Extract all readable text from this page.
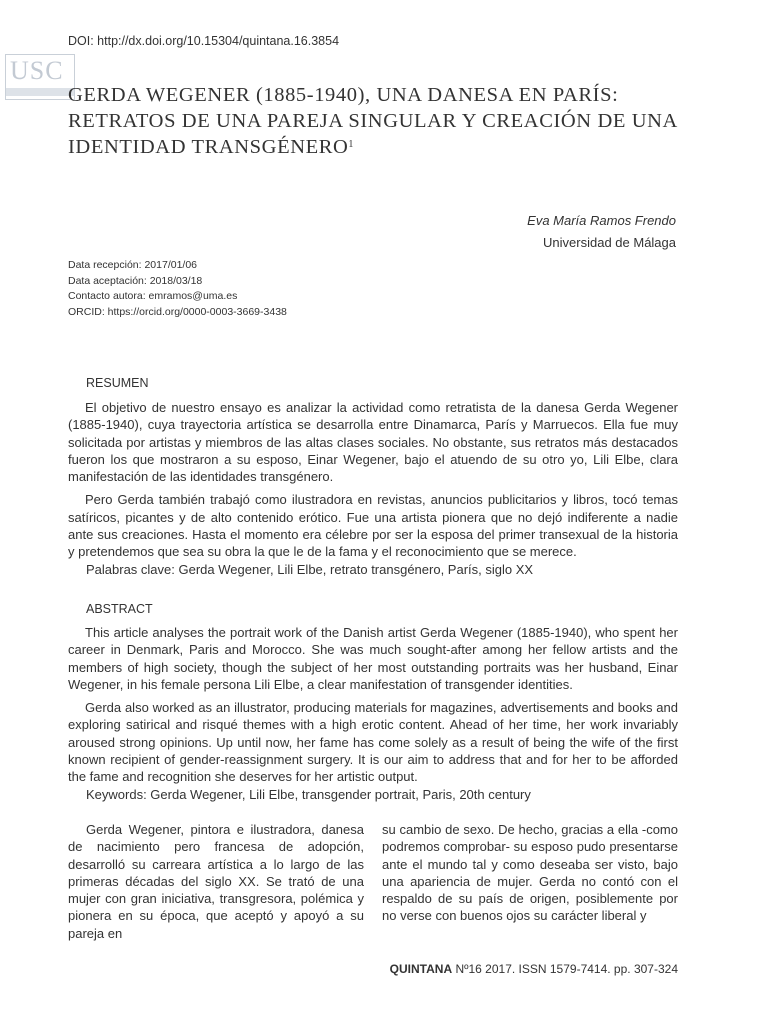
DOI: http://dx.doi.org/10.15304/quintana.16.3854
USC
GERDA WEGENER (1885-1940), UNA DANESA EN PARÍS: RETRATOS DE UNA PAREJA SINGULAR Y CREACIÓN DE UNA IDENTIDAD TRANSGÉNERO$^1$
Eva María Ramos Frendo
Universidad de Málaga
Data recepción: 2017/01/06
Data aceptación: 2018/03/18
Contacto autora: emramos@uma.es
ORCID: https://orcid.org/0000-0003-3669-3438
RESUMEN

El objetivo de nuestro ensayo es analizar la actividad como retratista de la danesa Gerda Wegener (1885-1940), cuya trayectoria artística se desarrolla entre Dinamarca, París y Marruecos. Ella fue muy solicitada por artistas y miembros de las altas clases sociales. No obstante, sus retratos más destacados fueron los que mostraron a su esposo, Einar Wegener, bajo el atuendo de su otro yo, Lili Elbe, clara manifestación de las identidades transgénero.

Pero Gerda también trabajó como ilustradora en revistas, anuncios publicitarios y libros, tocó temas satíricos, picantes y de alto contenido erótico. Fue una artista pionera que no dejó indiferente a nadie ante sus creaciones. Hasta el momento era célebre por ser la esposa del primer transexual de la historia y pretendemos que sea su obra la que le de la fama y el reconocimiento que se merece.

Palabras clave: Gerda Wegener, Lili Elbe, retrato transgénero, París, siglo XX
ABSTRACT

This article analyses the portrait work of the Danish artist Gerda Wegener (1885-1940), who spent her career in Denmark, Paris and Morocco. She was much sought-after among her fellow artists and the members of high society, though the subject of her most outstanding portraits was her husband, Einar Wegener, in his female persona Lili Elbe, a clear manifestation of transgender identities.

Gerda also worked as an illustrator, producing materials for magazines, advertisements and books and exploring satirical and risqué themes with a high erotic content. Ahead of her time, her work invariably aroused strong opinions. Up until now, her fame has come solely as a result of being the wife of the first known recipient of gender-reassignment surgery. It is our aim to address that and for her to be afforded the fame and recognition she deserves for her artistic output.

Keywords: Gerda Wegener, Lili Elbe, transgender portrait, Paris, 20th century

Gerda Wegener, pintora e ilustradora, danesa de nacimiento pero francesa de adopción, desarrolló su carreara artística a lo largo de las primeras décadas del siglo XX. Se trató de una mujer con gran iniciativa, transgresora, polémica y pionera en su época, que aceptó y apoyó a su pareja en

su cambio de sexo. De hecho, gracias a ella -como podremos comprobar- su esposo pudo presentarse ante el mundo tal y como deseaba ser visto, bajo una apariencia de mujer. Gerda no contó con el respaldo de su país de origen, posiblemente por no verse con buenos ojos su carácter liberal y

QUINTANA Nº16 2017. ISSN 1579-7414. pp. 307-324
